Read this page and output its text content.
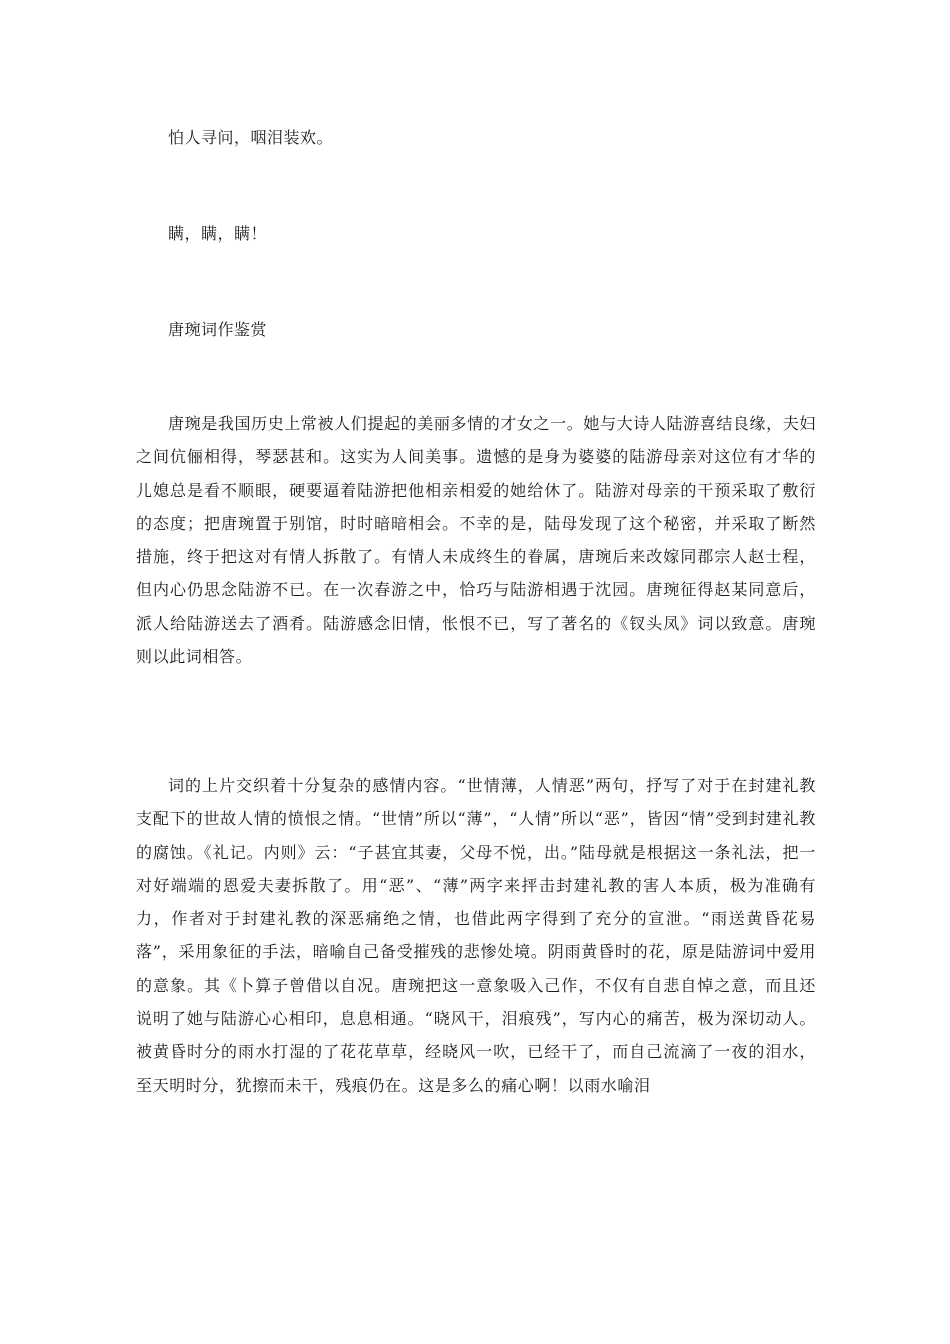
怕人寻问，咽泪装欢。
瞒，瞒，瞒！
唐琬词作鉴赏

唐琬是我国历史上常被人们提起的美丽多情的才女之一。她与大诗人陆游喜结良缘，夫妇之间伉俪相得，琴瑟甚和。这实为人间美事。遗憾的是身为婆婆的陆游母亲对这位有才华的儿媳总是看不顺眼，硬要逼着陆游把他相亲相爱的她给休了。陆游对母亲的干预采取了敷衍的态度；把唐琬置于别馆，时时暗暗相会。不幸的是，陆母发现了这个秘密，并采取了断然措施，终于把这对有情人拆散了。有情人未成终生的眷属，唐琬后来改嫁同郡宗人赵士程，但内心仍思念陆游不已。在一次春游之中，恰巧与陆游相遇于沈园。唐琬征得赵某同意后，派人给陆游送去了酒肴。陆游感念旧情，怅恨不已，写了著名的《钗头凤》词以致意。唐琬则以此词相答。

词的上片交织着十分复杂的感情内容。“世情薄，人情恶”两句，抒写了对于在封建礼教支配下的世故人情的愤恨之情。“世情”所以“薄”，“人情”所以“恶”，皆因“情”受到封建礼教的腐蚀。《礼记。内则》云：“子甚宜其妻，父母不悦，出。”陆母就是根据这一条礼法，把一对好端端的恩爱夫妻拆散了。用“恶”、“薄”两字来抨击封建礼教的害人本质，极为准确有力，作者对于封建礼教的深恶痛绝之情，也借此两字得到了充分的宣泄。“雨送黄昏花易落”，采用象征的手法，暗喻自己备受摧残的悲惨处境。阴雨黄昏时的花，原是陆游词中爱用的意象。其《卜算子曾借以自况。唐琬把这一意象吸入己作，不仅有自悲自悼之意，而且还说明了她与陆游心心相印，息息相通。“晓风干，泪痕残”，写内心的痛苦，极为深切动人。被黄昏时分的雨水打湿的了花花草草，经晓风一吹，已经干了，而自己流滴了一夜的泪水，至天明时分，犹擦而未干，残痕仍在。这是多么的痛心啊！以雨水喻泪
